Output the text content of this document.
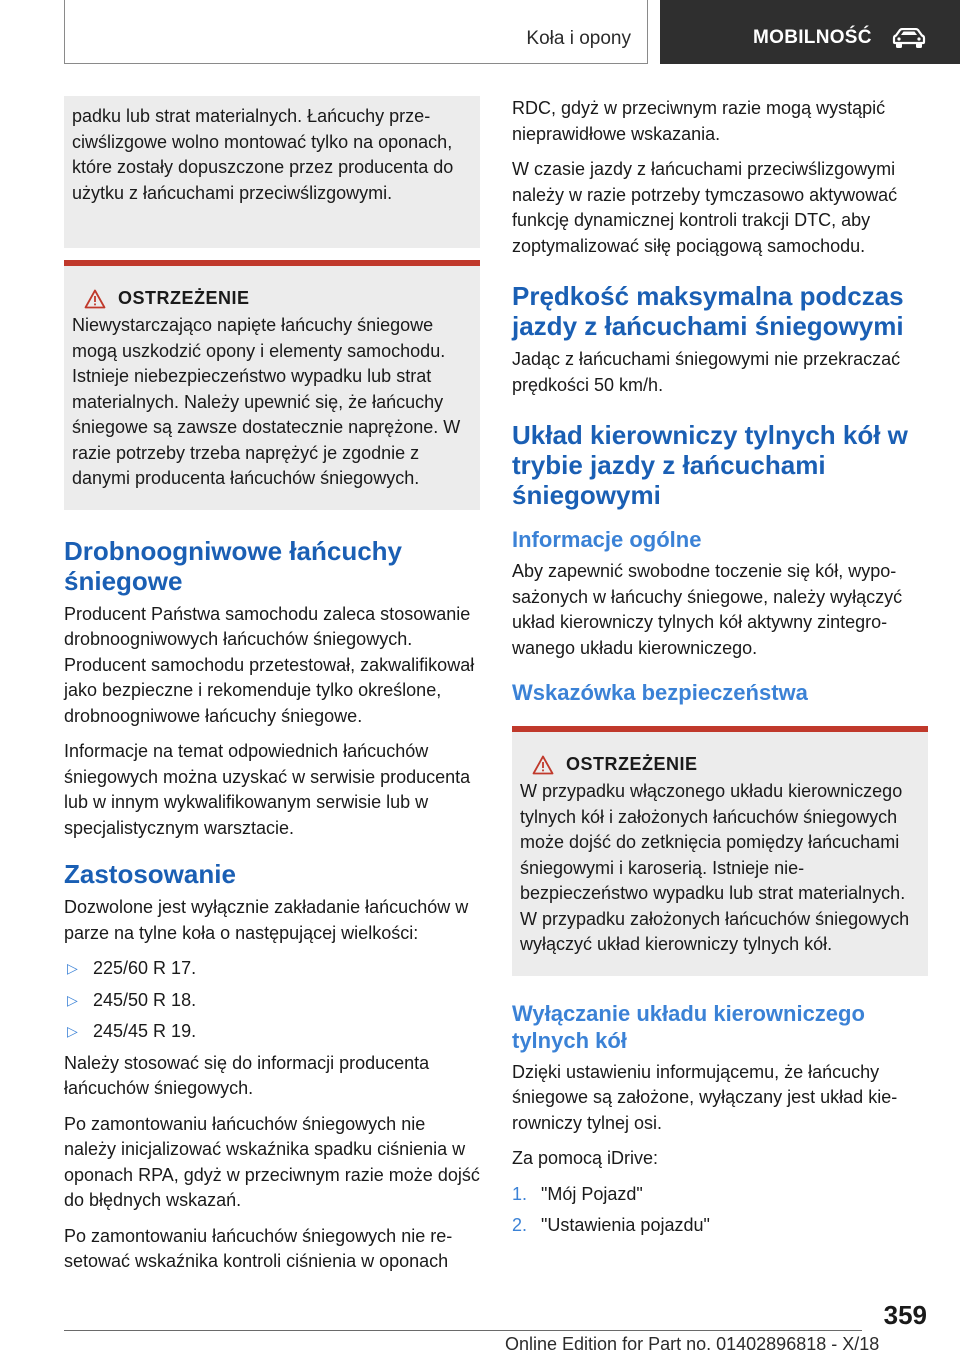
Koła i opony	MOBILNOŚĆ

padku lub strat materialnych. Łańcuchy przeciwślizgowe wolno montować tylko na oponach, które zostały dopuszczone przez producenta do użytku z łańcuchami przeciwślizgowymi.

OSTRZEŻENIE

Niewystarczająco napięte łańcuchy śniegowe mogą uszkodzić opony i elementy samochodu. Istnieje niebezpieczeństwo wypadku lub strat materialnych. Należy upewnić się, że łańcuchy śniegowe są zawsze dostatecznie naprężone. W razie potrzeby trzeba naprężyć je zgodnie z danymi producenta łańcuchów śniegowych.

Drobnoogniwowe łańcuchy śniegowe

Producent Państwa samochodu zaleca stosowanie drobnoogniwowych łańcuchów śniegowych. Producent samochodu przetestował, zakwalifikował jako bezpieczne i rekomenduje tylko określone, drobnoogniwowe łańcuchy śniegowe.

Informacje na temat odpowiednich łańcuchów śniegowych można uzyskać w serwisie producenta lub w innym wykwalifikowanym serwisie lub w specjalistycznym warsztacie.

Zastosowanie

Dozwolone jest wyłącznie zakładanie łańcuchów w parze na tylne koła o następującej wielkości:

▷ 225/60 R 17.
▷ 245/50 R 18.
▷ 245/45 R 19.

Należy stosować się do informacji producenta łańcuchów śniegowych.

Po zamontowaniu łańcuchów śniegowych nie należy inicjalizować wskaźnika spadku ciśnienia w oponach RPA, gdyż w przeciwnym razie może dojść do błędnych wskazań.

Po zamontowaniu łańcuchów śniegowych nie resetować wskaźnika kontroli ciśnienia w oponach

RDC, gdyż w przeciwnym razie mogą wystąpić nieprawidłowe wskazania.

W czasie jazdy z łańcuchami przeciwślizgowymi należy w razie potrzeby tymczasowo aktywować funkcję dynamicznej kontroli trakcji DTC, aby zoptymalizować siłę pociągową samochodu.

Prędkość maksymalna podczas jazdy z łańcuchami śniegowymi

Jadąc z łańcuchami śniegowymi nie przekraczać prędkości 50 km/h.

Układ kierowniczy tylnych kół w trybie jazdy z łańcuchami śniegowymi
Informacje ogólne

Aby zapewnić swobodne toczenie się kół, wyposażonych w łańcuchy śniegowe, należy wyłączyć układ kierowniczy tylnych kół aktywny zintegrowanego układu kierowniczego.

Wskazówka bezpieczeństwa
OSTRZEŻENIE

W przypadku włączonego układu kierowniczego tylnych kół i założonych łańcuchów śniegowych może dojść do zetknięcia pomiędzy łańcuchami śniegowymi i karoserią. Istnieje niebezpieczeństwo wypadku lub strat materialnych. W przypadku założonych łańcuchów śniegowych wyłączyć układ kierowniczy tylnych kół.

Wyłączanie układu kierowniczego tylnych kół

Dzięki ustawieniu informującemu, że łańcuchy śniegowe są założone, wyłączany jest układ kierowniczy tylnej osi.

Za pomocą iDrive:

1. "Mój Pojazd"
2. "Ustawienia pojazdu"
359
Online Edition for Part no. 01402896818 - X/18
